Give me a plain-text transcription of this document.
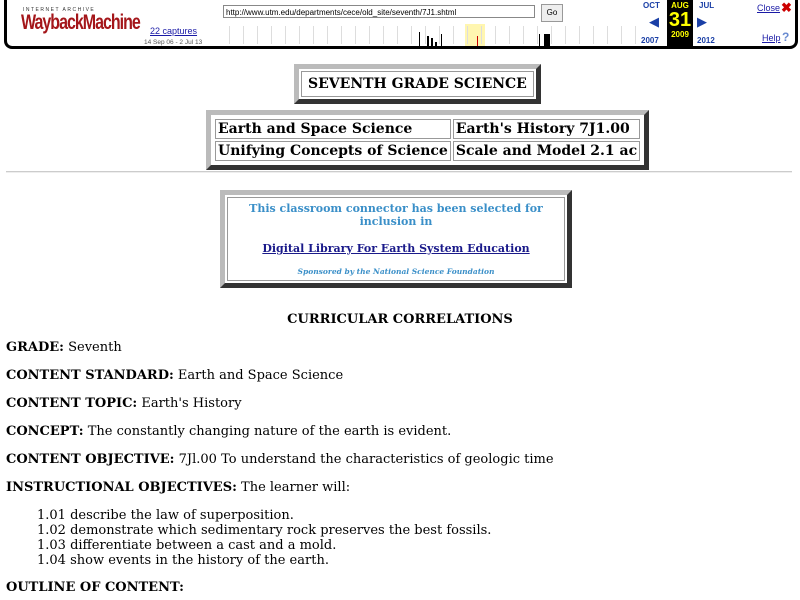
INTERNET ARCHIVE
WaybackMachine 22 captures
14 Sep 06 - 2 Jul 13
http://www.utm.edu/departments/cece/old_site/seventh/7J1.shtml	Go
OCT
2007
◀
AUG
31
2009
▶
JUL
2012
Close ✖
Help ?
SEVENTH GRADE SCIENCE
Earth and Space Science	Earth's History 7J1.00
Unifying Concepts of Science	Scale and Model 2.1 ac
This classroom connector has been selected for inclusion in
Digital Library For Earth System Education
Sponsored by the National Science Foundation
CURRICULAR CORRELATIONS
GRADE: Seventh
CONTENT STANDARD: Earth and Space Science
CONTENT TOPIC: Earth's History
CONCEPT: The constantly changing nature of the earth is evident.
CONTENT OBJECTIVE: 7Jl.00 To understand the characteristics of geologic time
INSTRUCTIONAL OBJECTIVES: The learner will:
1.01 describe the law of superposition.
1.02 demonstrate which sedimentary rock preserves the best fossils.
1.03 differentiate between a cast and a mold.
1.04 show events in the history of the earth.
OUTLINE OF CONTENT:
